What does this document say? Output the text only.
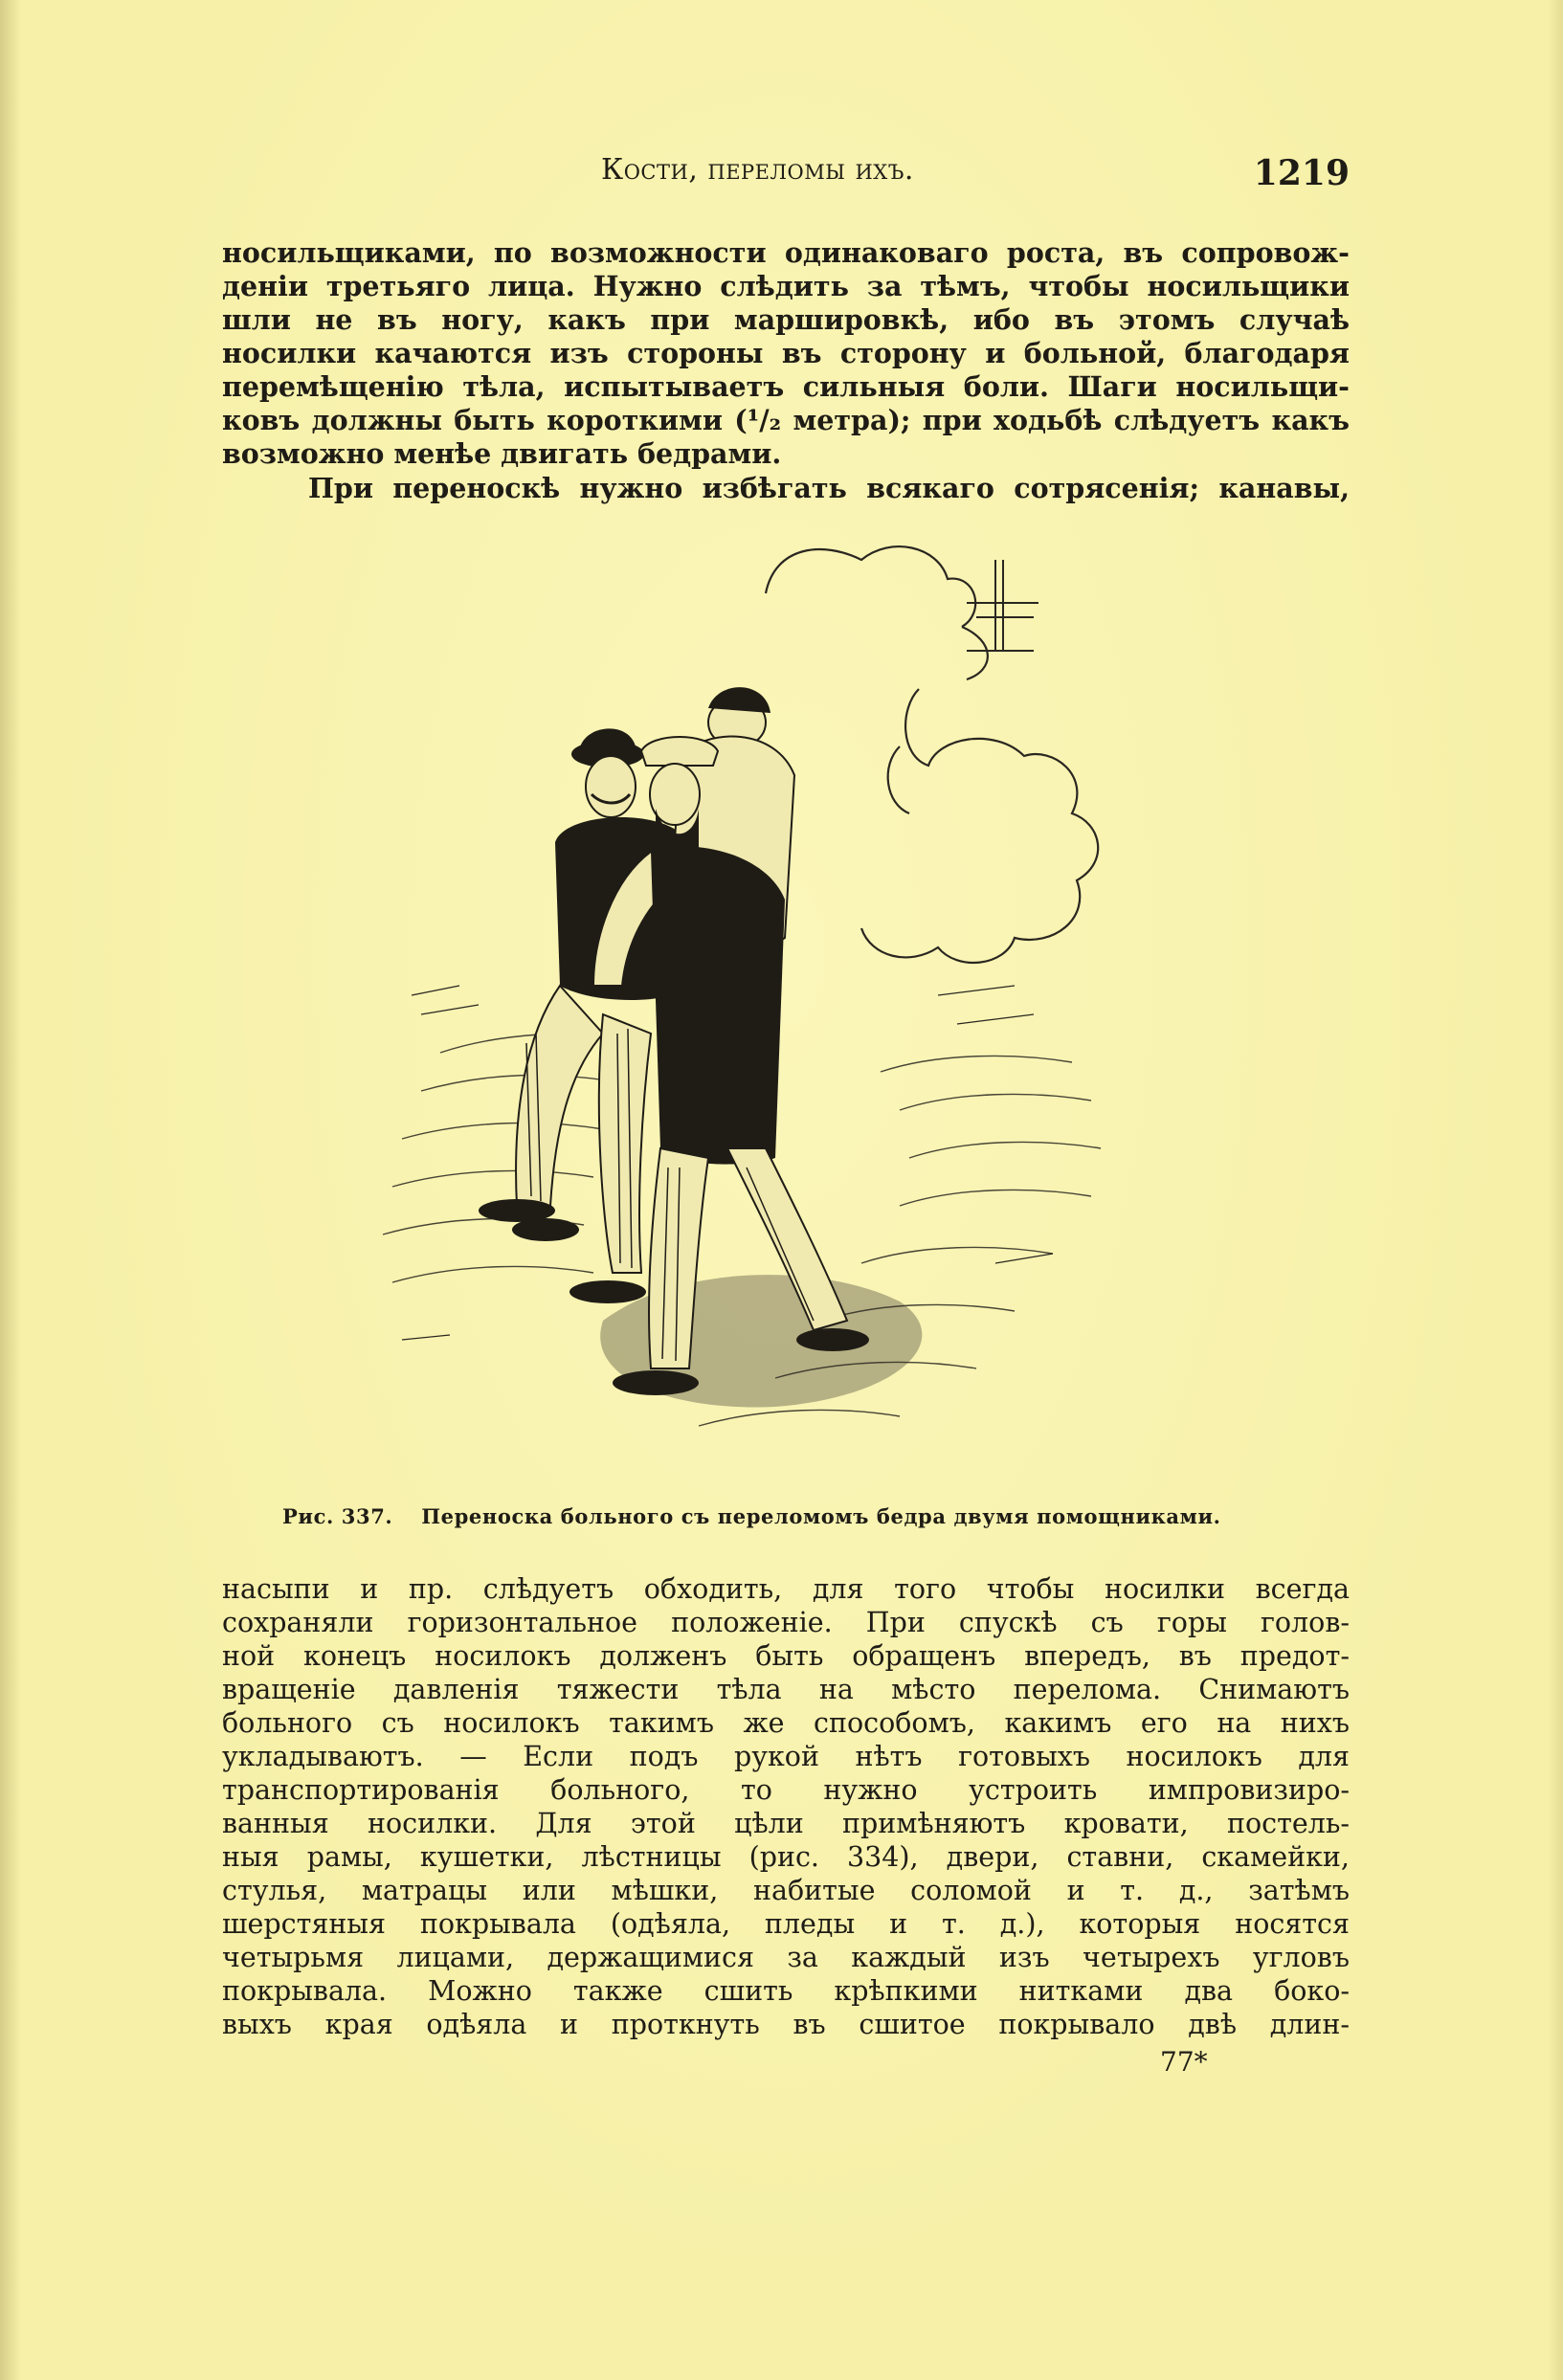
Кости, переломы ихъ.	1219
носильщиками, по возможности одинаковаго роста, въ сопровож-
деніи третьяго лица. Нужно слѣдить за тѣмъ, чтобы носильщики
шли не въ ногу, какъ при маршировкѣ, ибо въ этомъ случаѣ
носилки качаются изъ стороны въ сторону и больной, благодаря
перемѣщенію тѣла, испытываетъ сильныя боли. Шаги носильщи-
ковъ должны быть короткими (¹/₂ метра); при ходьбѣ слѣдуетъ какъ
возможно менѣе двигать бедрами.
При переноскѣ нужно избѣгать всякаго сотрясенія; канавы,
Рис. 337. Переноска больного съ переломомъ бедра двумя помощниками.
насыпи и пр. слѣдуетъ обходить, для того чтобы носилки всегда
сохраняли горизонтальное положеніе. При спускѣ съ горы голов-
ной конецъ носилокъ долженъ быть обращенъ впередъ, въ предот-
вращеніе давленія тяжести тѣла на мѣсто перелома. Снимаютъ
больного съ носилокъ такимъ же способомъ, какимъ его на нихъ
укладываютъ. — Если подъ рукой нѣтъ готовыхъ носилокъ для
транспортированія больного, то нужно устроить импровизиро-
ванныя носилки. Для этой цѣли примѣняютъ кровати, постель-
ныя рамы, кушетки, лѣстницы (рис. 334), двери, ставни, скамейки,
стулья, матрацы или мѣшки, набитые соломой и т. д., затѣмъ
шерстяныя покрывала (одѣяла, пледы и т. д.), которыя носятся
четырьмя лицами, держащимися за каждый изъ четырехъ угловъ
покрывала. Можно также сшить крѣпкими нитками два боко-
выхъ края одѣяла и проткнуть въ сшитое покрывало двѣ длин-
77*
